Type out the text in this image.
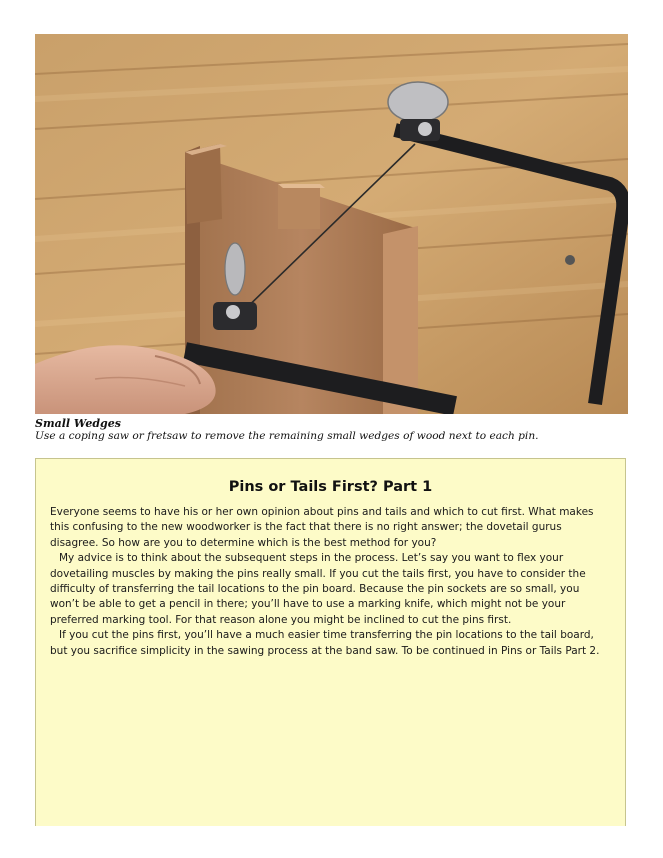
Small Wedges
Use a coping saw or fretsaw to remove the remaining small wedges of wood next to each pin.
Pins or Tails First? Part 1

Everyone seems to have his or her own opinion about pins and tails and which to cut first. What makes this confusing to the new woodworker is the fact that there is no right answer; the dovetail gurus disagree. So how are you to determine which is the best method for you?

My advice is to think about the subsequent steps in the process. Let’s say you want to flex your dovetailing muscles by making the pins really small. If you cut the tails first, you have to consider the difficulty of transferring the tail locations to the pin board. Because the pin sockets are so small, you won’t be able to get a pencil in there; you’ll have to use a marking knife, which might not be your preferred marking tool. For that reason alone you might be inclined to cut the pins first.

If you cut the pins first, you’ll have a much easier time transferring the pin locations to the tail board, but you sacrifice simplicity in the sawing process at the band saw. To be continued in Pins or Tails Part 2.
